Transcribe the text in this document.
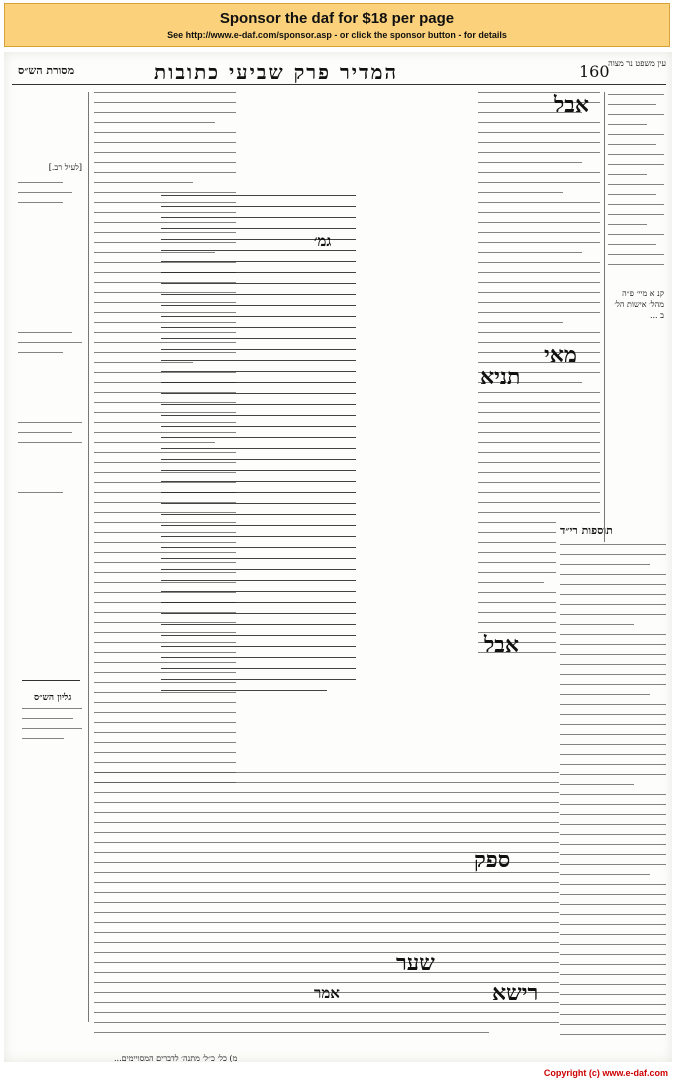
Sponsor the daf for $18 per page
See http://www.e-daf.com/sponsor.asp - or click the sponsor button - for details
160
המדיר פרק שביעי כתובות
מסורת הש״ס
עין משפט נר מצוה
אבל
תניא
מאי
אבל
תוספות רי״ד
גמ׳
ספק
שער
רישא
אמר
[לעיל רב.]
גליון הש״ס
קנ א מיי׳ פ״ה מהל׳ אישות הל׳ ב ...
מ) כל׳ כ״ל׳ מתנה׳ לדברים המסויימים...
Copyright (c) www.e-daf.com
